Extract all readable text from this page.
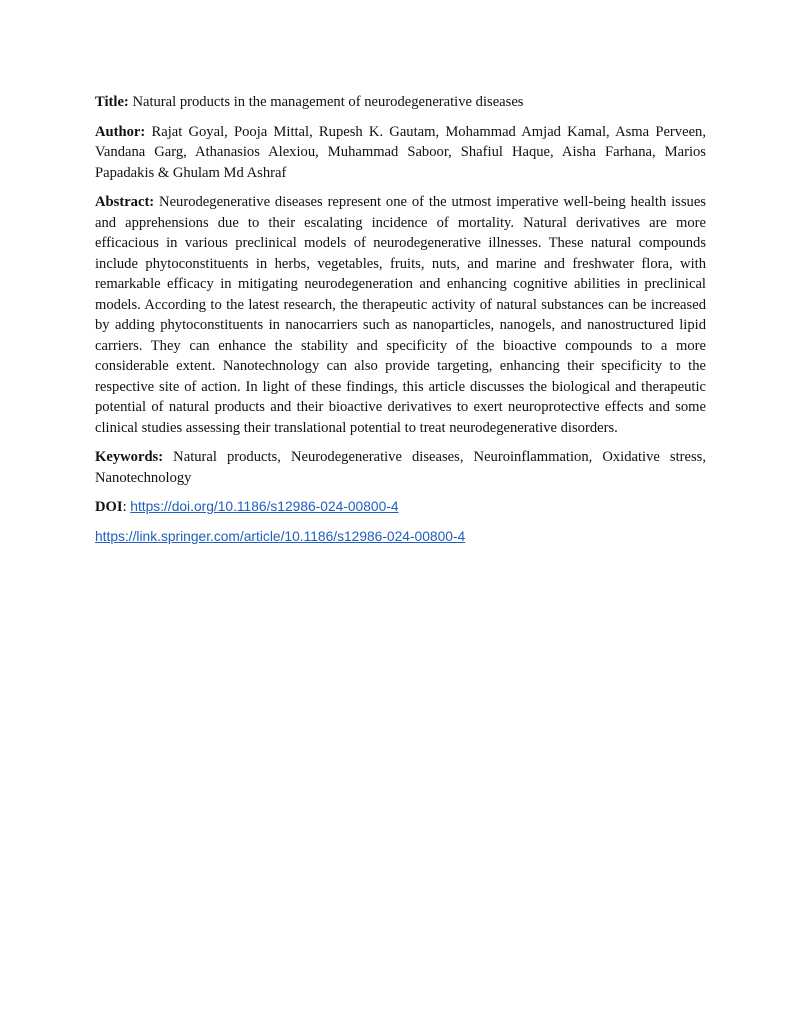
Title: Natural products in the management of neurodegenerative diseases

Author: Rajat Goyal, Pooja Mittal, Rupesh K. Gautam, Mohammad Amjad Kamal, Asma Perveen, Vandana Garg, Athanasios Alexiou, Muhammad Saboor, Shafiul Haque, Aisha Farhana, Marios Papadakis & Ghulam Md Ashraf

Abstract: Neurodegenerative diseases represent one of the utmost imperative well-being health issues and apprehensions due to their escalating incidence of mortality. Natural derivatives are more efficacious in various preclinical models of neurodegenerative illnesses. These natural compounds include phytoconstituents in herbs, vegetables, fruits, nuts, and marine and freshwater flora, with remarkable efficacy in mitigating neurodegeneration and enhancing cognitive abilities in preclinical models. According to the latest research, the therapeutic activity of natural substances can be increased by adding phytoconstituents in nanocarriers such as nanoparticles, nanogels, and nanostructured lipid carriers. They can enhance the stability and specificity of the bioactive compounds to a more considerable extent. Nanotechnology can also provide targeting, enhancing their specificity to the respective site of action. In light of these findings, this article discusses the biological and therapeutic potential of natural products and their bioactive derivatives to exert neuroprotective effects and some clinical studies assessing their translational potential to treat neurodegenerative disorders.

Keywords: Natural products, Neurodegenerative diseases, Neuroinflammation, Oxidative stress, Nanotechnology

DOI: https://doi.org/10.1186/s12986-024-00800-4

https://link.springer.com/article/10.1186/s12986-024-00800-4
